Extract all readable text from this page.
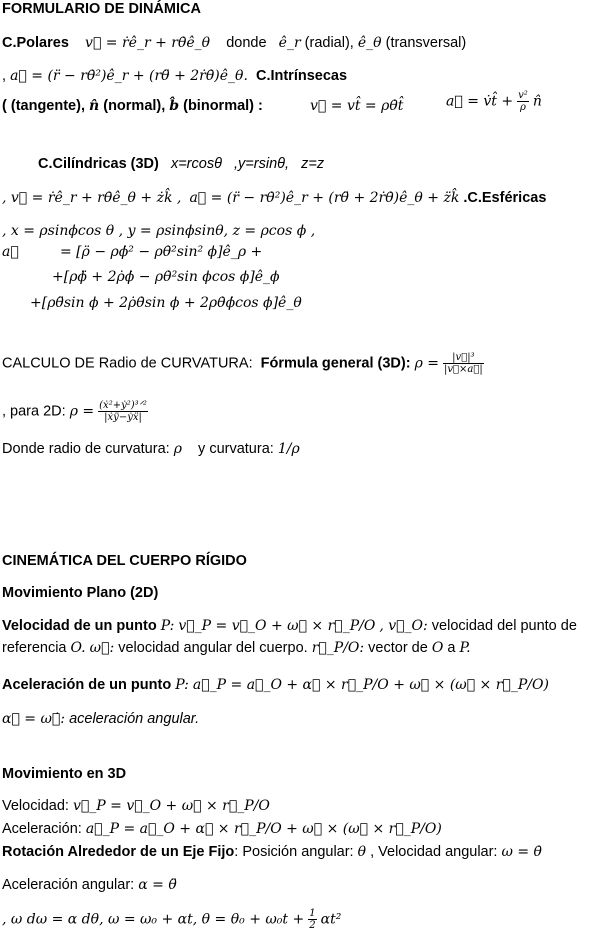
FORMULARIO DE DINÁMICA
C.Polares v⃗ = ṙê_r + rθ̇ê_θ donde ê_r (radial), ê_θ (transversal)
, a⃗ = (r̈ − rθ̇²)ê_r + (rθ̈ + 2ṙθ̇)ê_θ. C.Intrínsecas
( (tangente), n̂ (normal), b̂ (binormal) :	v⃗ = vt̂ = ρθ̇t̂	a⃗ = v̇t̂ + $\frac{\text{v²}}{\rho}$ n̂
C.Cilíndricas (3D) x=rcosθ ,y=rsinθ, z=z
, v⃗ = ṙê_r + rθ̇ê_θ + żk̂ , a⃗ = (r̈ − rθ̇²)ê_r + (rθ̈ + 2ṙθ̇)ê_θ + z̈k̂ .C.Esféricas
, x = ρsinϕcos θ , y = ρsinϕsinθ, z = ρcos ϕ ,
a⃗	= [ρ̈ − ρϕ̇² − ρθ̇²sin² ϕ]ê_ρ +
+[ρϕ̈ + 2ρ̇ϕ̇ − ρθ̇²sin ϕcos ϕ]ê_ϕ
+[ρθ̈sin ϕ + 2ρ̇θ̇sin ϕ + 2ρθ̇ϕ̇cos ϕ]ê_θ
CALCULO DE Radio de CURVATURA: Fórmula general (3D): $\rho = \frac{\text{|v⃗|³}}{|v⃗\times a⃗|}$
, para 2D: $\rho = \frac{\text{(ẋ²+ẏ²)³ᐟ²}}{\text{|ẋÿ−ẏẍ|}}$
Donde radio de curvatura: ρ y curvatura: 1/ρ
CINEMÁTICA DEL CUERPO RÍGIDO
Movimiento Plano (2D)
Velocidad de un punto P: v⃗_P = v⃗_O + ω⃗ × r⃗_P/O , v⃗_O: velocidad del punto de
referencia O. ω⃗: velocidad angular del cuerpo. r⃗_P/O: vector de O a P.
Aceleración de un punto P: a⃗_P = a⃗_O + α⃗ × r⃗_P/O + ω⃗ × (ω⃗ × r⃗_P/O)
α⃗ = ω⃗̇: aceleración angular.
Movimiento en 3D
Velocidad: v⃗_P = v⃗_O + ω⃗ × r⃗_P/O
Aceleración: a⃗_P = a⃗_O + α⃗ × r⃗_P/O + ω⃗ × (ω⃗ × r⃗_P/O)
Rotación Alrededor de un Eje Fijo: Posición angular: θ , Velocidad angular: ω = θ̇
Aceleración angular: α = θ̈
, ω dω = α dθ, ω = ω₀ + αt, $\theta = \theta_0 + \omega_0t + \frac{1}{2} \alpha t^2$
